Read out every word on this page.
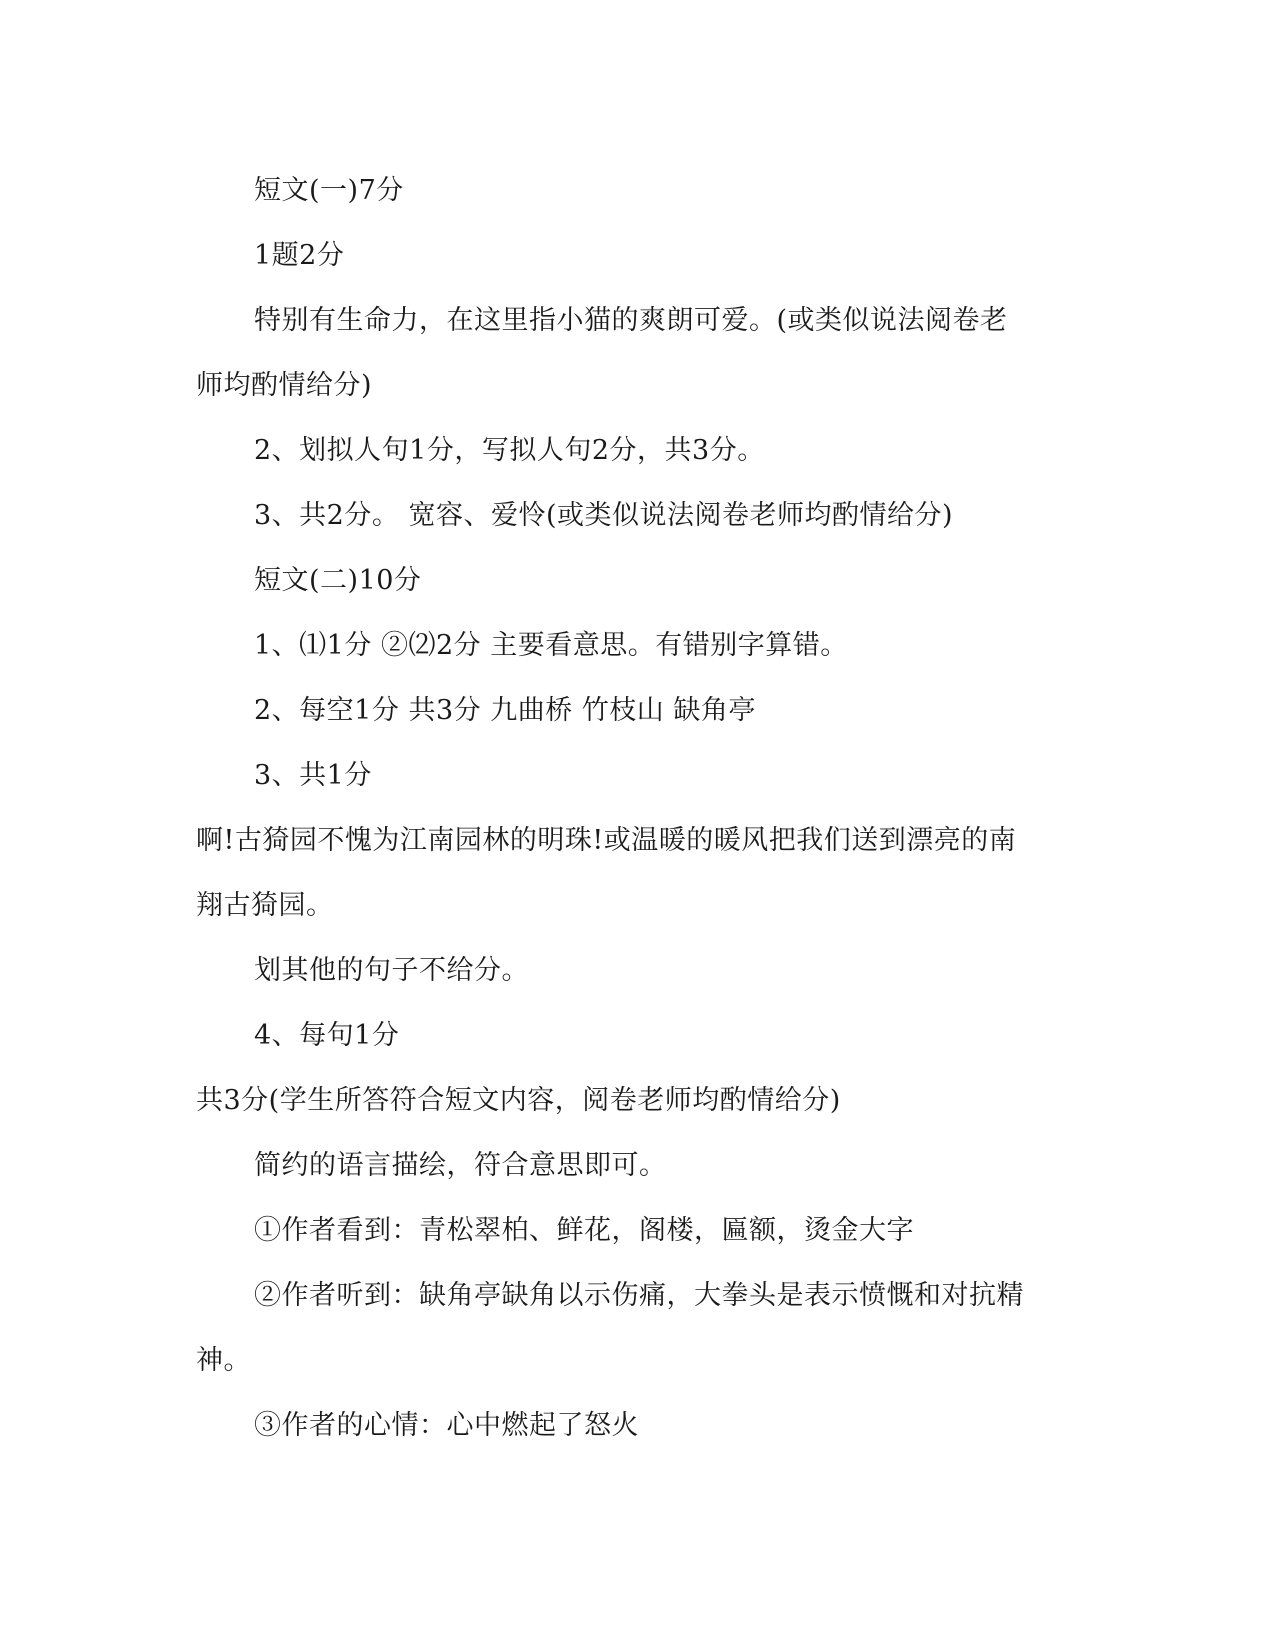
短文(一)7分
1题2分
特别有生命力，在这里指小猫的爽朗可爱。(或类似说法阅卷老
师均酌情给分)
2、划拟人句1分，写拟人句2分，共3分。
3、共2分。 宽容、爱怜(或类似说法阅卷老师均酌情给分)
短文(二)10分
1、⑴1分 ②⑵2分 主要看意思。有错别字算错。
2、每空1分 共3分 九曲桥 竹枝山 缺角亭
3、共1分
啊!古猗园不愧为江南园林的明珠!或温暖的暖风把我们送到漂亮的南
翔古猗园。
划其他的句子不给分。
4、每句1分
共3分(学生所答符合短文内容，阅卷老师均酌情给分)
简约的语言描绘，符合意思即可。
①作者看到：青松翠柏、鲜花，阁楼，匾额，烫金大字
②作者听到：缺角亭缺角以示伤痛，大拳头是表示愤慨和对抗精
神。
③作者的心情：心中燃起了怒火
